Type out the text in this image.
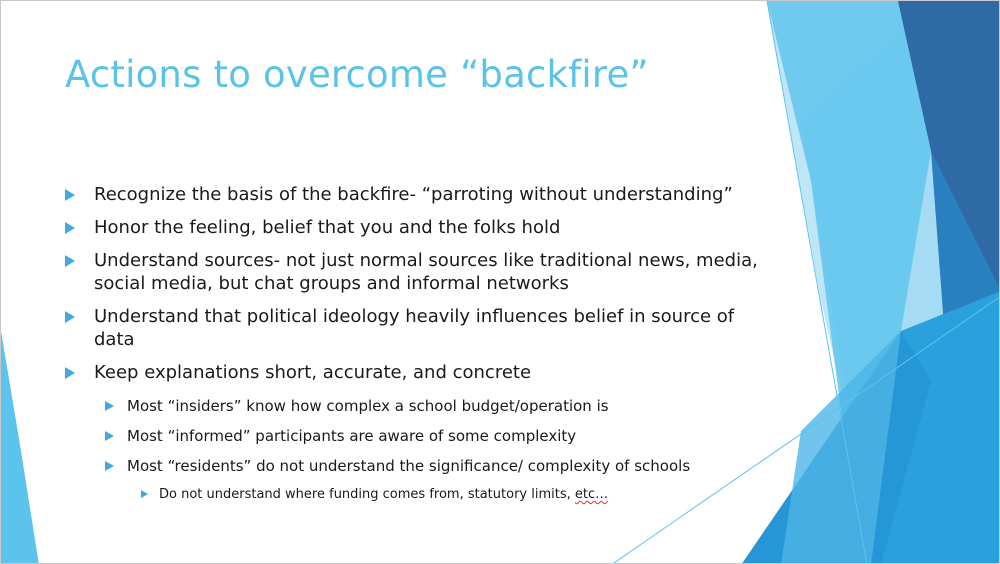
Actions to overcome “backfire”
Recognize the basis of the backfire- “parroting without understanding”
Honor the feeling, belief that you and the folks hold
Understand sources- not just normal sources like traditional news, media, social media, but chat groups and informal networks
Understand that political ideology heavily influences belief in source of data
Keep explanations short, accurate, and concrete
Most “insiders” know how complex a school budget/operation is
Most “informed” participants are aware of some complexity
Most “residents” do not understand the significance/ complexity of schools
Do not understand where funding comes from, statutory limits, etc…
